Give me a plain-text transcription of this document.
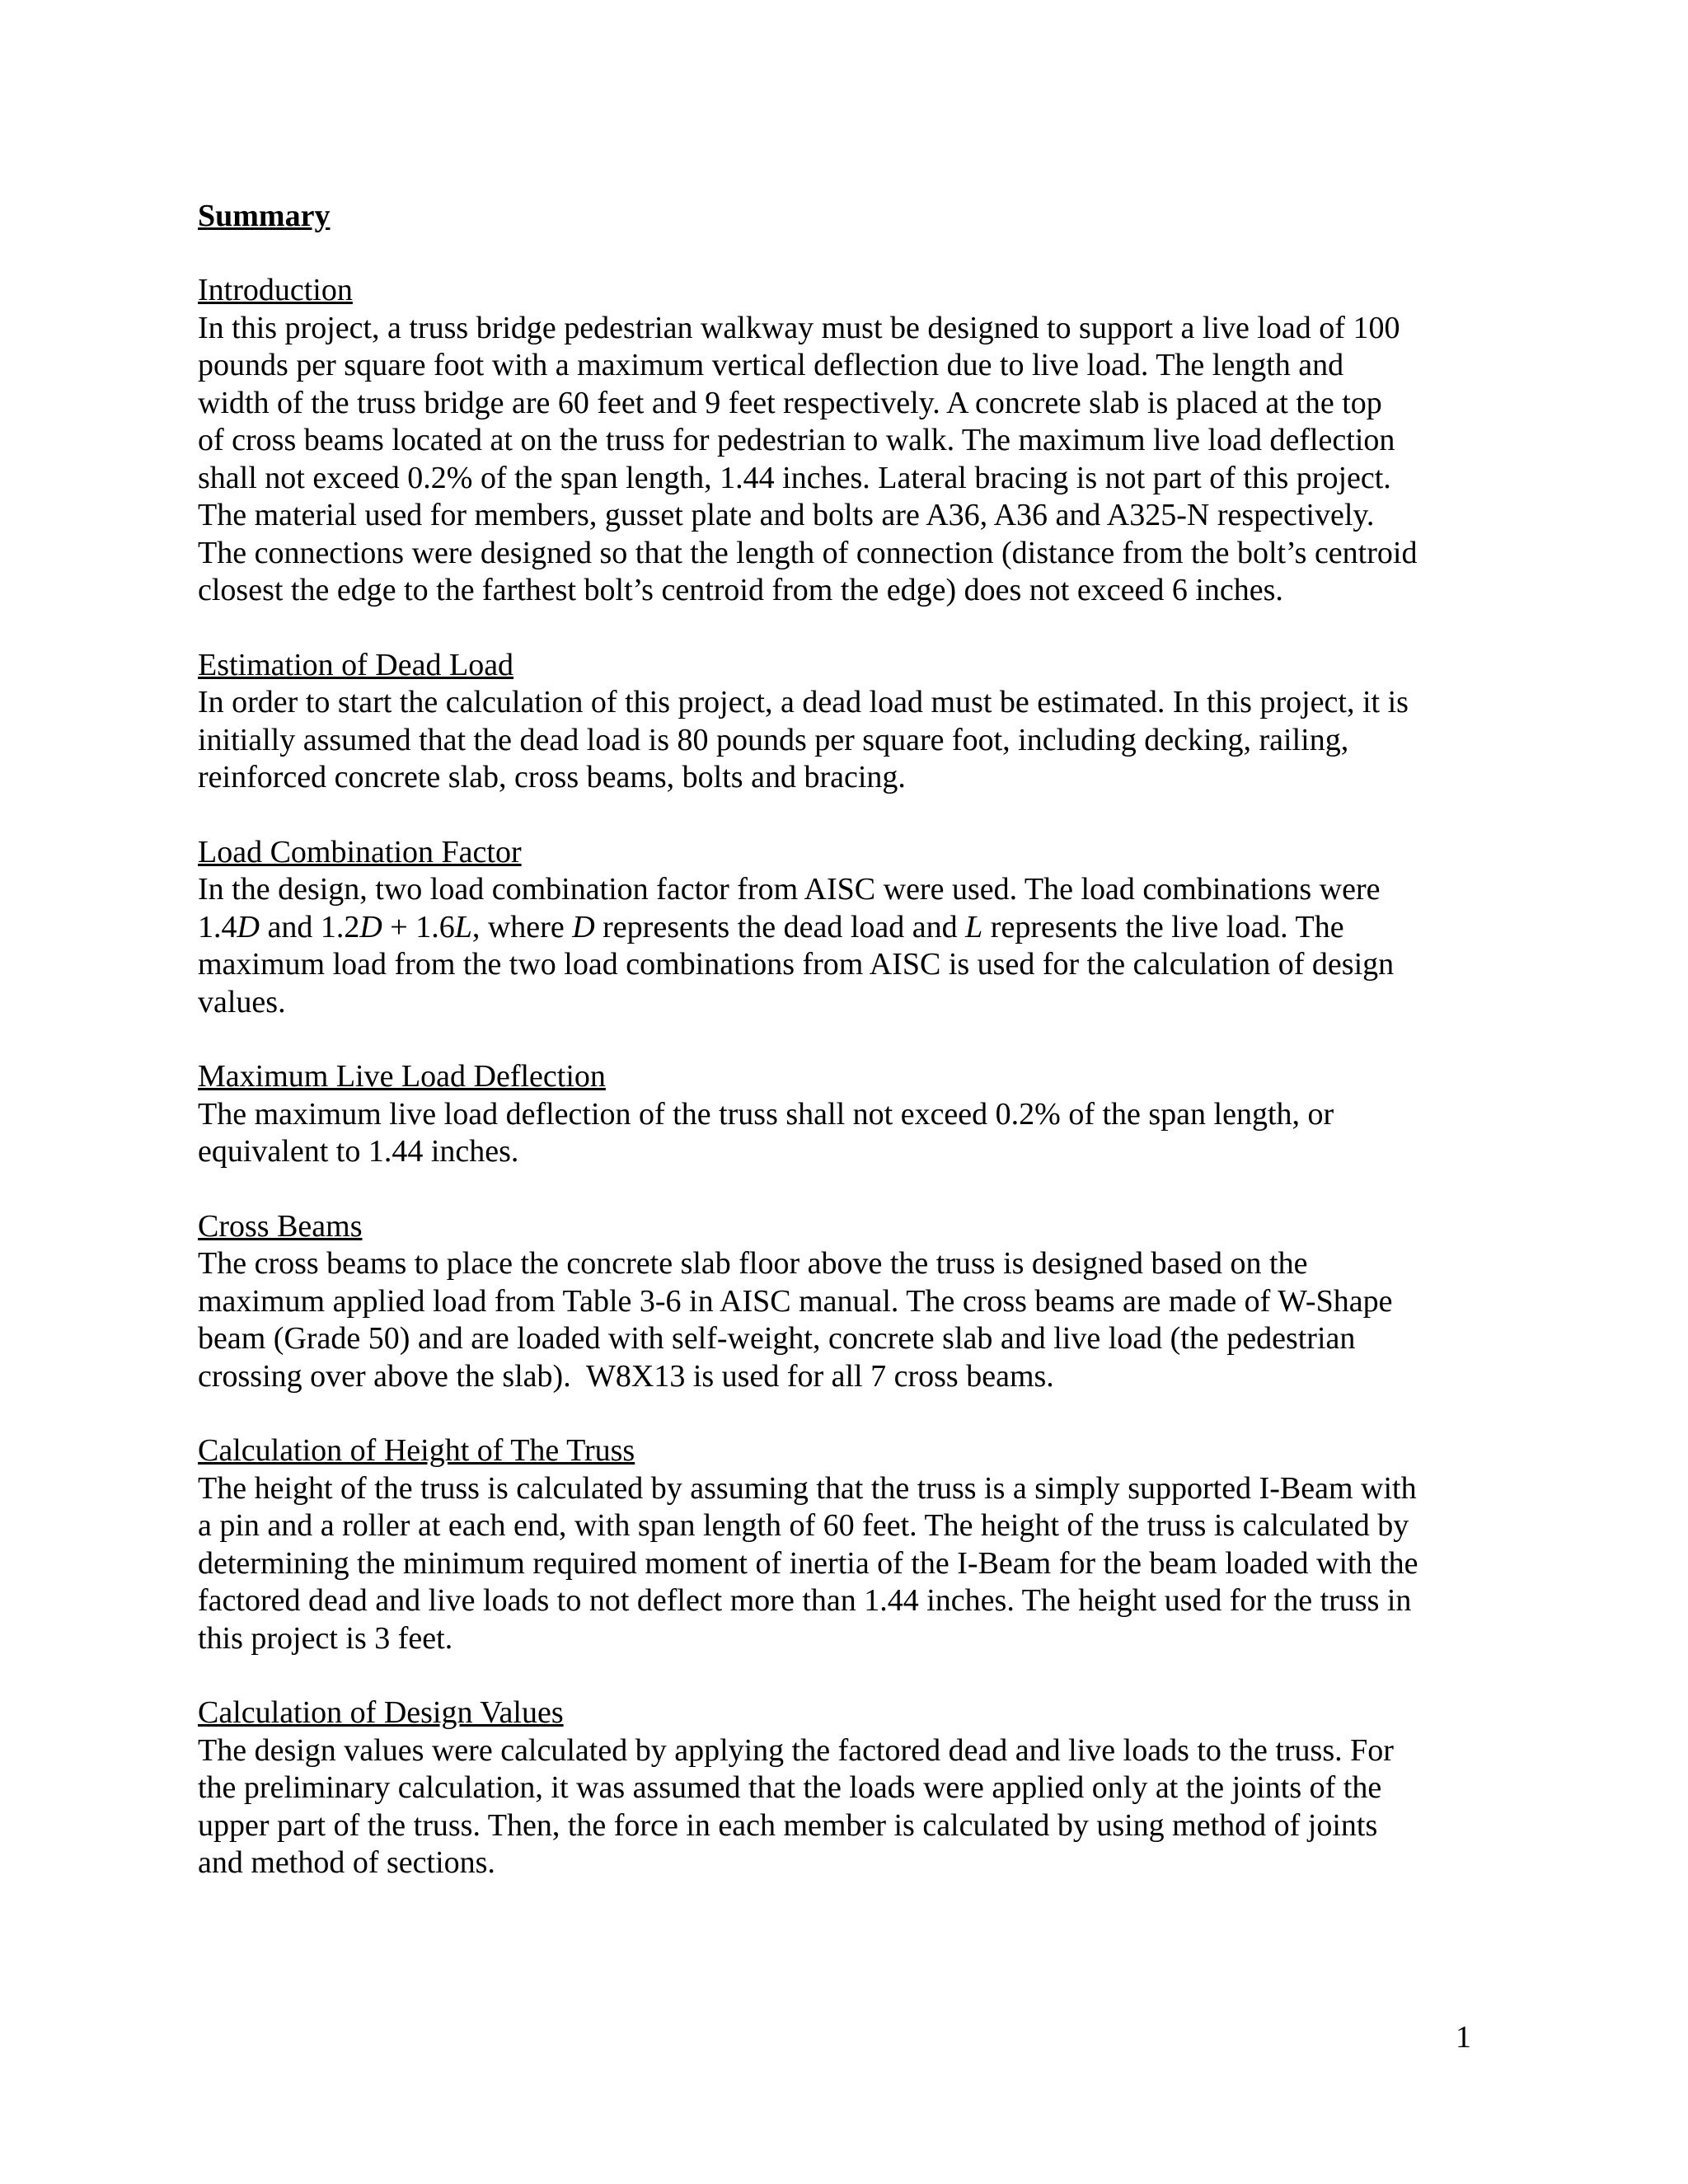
Summary
Introduction
In this project, a truss bridge pedestrian walkway must be designed to support a live load of 100
pounds per square foot with a maximum vertical deflection due to live load. The length and
width of the truss bridge are 60 feet and 9 feet respectively. A concrete slab is placed at the top
of cross beams located at on the truss for pedestrian to walk. The maximum live load deflection
shall not exceed 0.2% of the span length, 1.44 inches. Lateral bracing is not part of this project.
The material used for members, gusset plate and bolts are A36, A36 and A325-N respectively.
The connections were designed so that the length of connection (distance from the bolt’s centroid
closest the edge to the farthest bolt’s centroid from the edge) does not exceed 6 inches.
Estimation of Dead Load
In order to start the calculation of this project, a dead load must be estimated. In this project, it is
initially assumed that the dead load is 80 pounds per square foot, including decking, railing,
reinforced concrete slab, cross beams, bolts and bracing.
Load Combination Factor
In the design, two load combination factor from AISC were used. The load combinations were
1.4D and 1.2D + 1.6L, where D represents the dead load and L represents the live load. The
maximum load from the two load combinations from AISC is used for the calculation of design
values.
Maximum Live Load Deflection
The maximum live load deflection of the truss shall not exceed 0.2% of the span length, or
equivalent to 1.44 inches.
Cross Beams
The cross beams to place the concrete slab floor above the truss is designed based on the
maximum applied load from Table 3-6 in AISC manual. The cross beams are made of W-Shape
beam (Grade 50) and are loaded with self-weight, concrete slab and live load (the pedestrian
crossing over above the slab).  W8X13 is used for all 7 cross beams.
Calculation of Height of The Truss
The height of the truss is calculated by assuming that the truss is a simply supported I-Beam with
a pin and a roller at each end, with span length of 60 feet. The height of the truss is calculated by
determining the minimum required moment of inertia of the I-Beam for the beam loaded with the
factored dead and live loads to not deflect more than 1.44 inches. The height used for the truss in
this project is 3 feet.
Calculation of Design Values
The design values were calculated by applying the factored dead and live loads to the truss. For
the preliminary calculation, it was assumed that the loads were applied only at the joints of the
upper part of the truss. Then, the force in each member is calculated by using method of joints
and method of sections.
1
